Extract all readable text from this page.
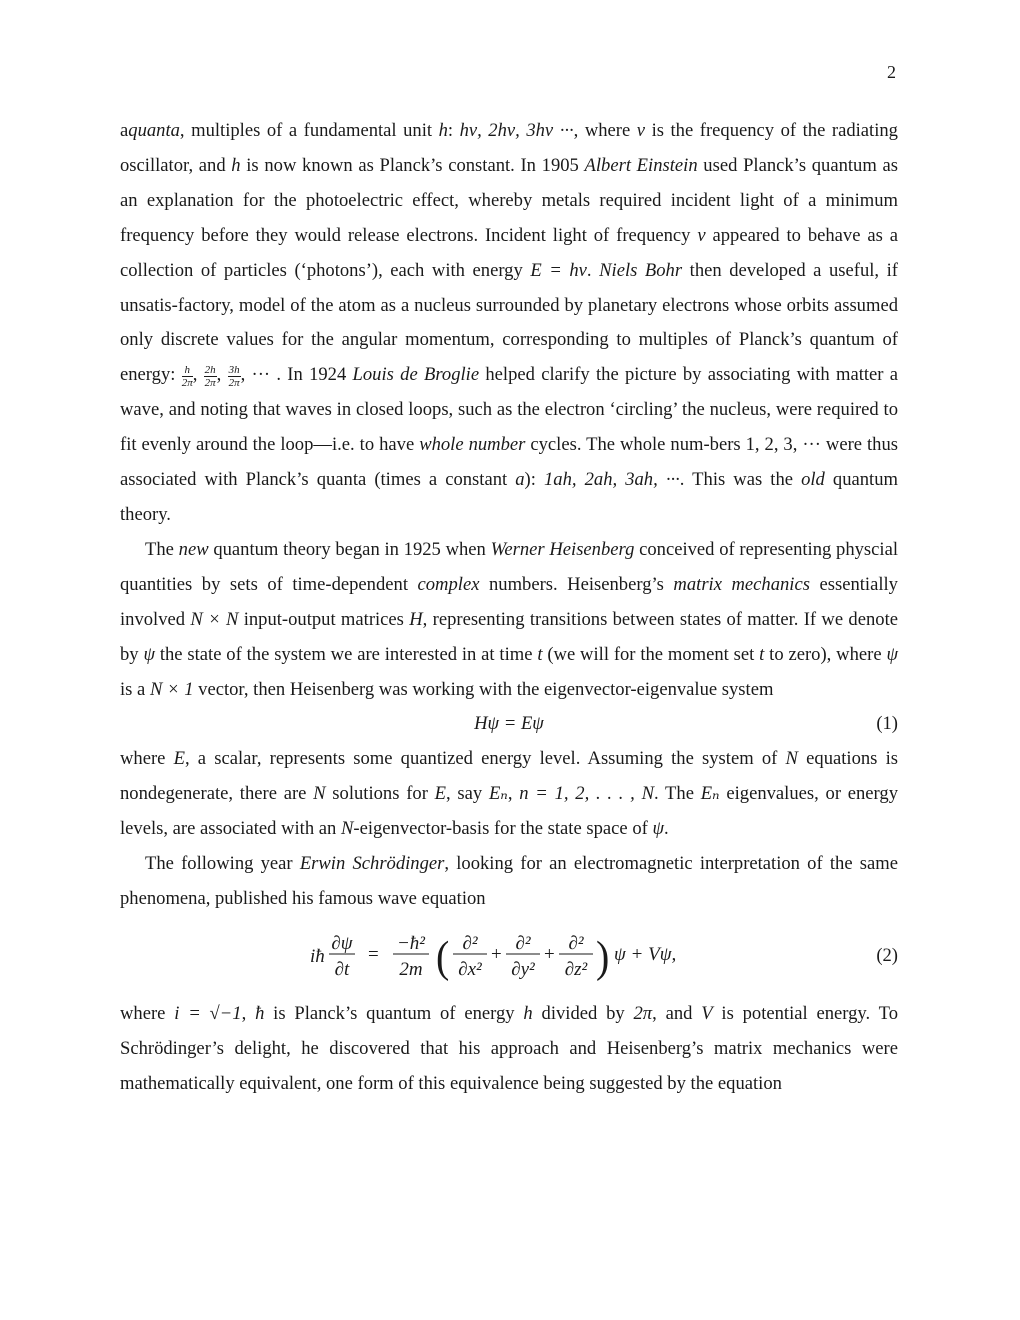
2

aquanta, multiples of a fundamental unit h: hν, 2hν, 3hν ···, where ν is the frequency of the radiating oscillator, and h is now known as Planck’s constant. In 1905 Albert Einstein used Planck’s quantum as an explanation for the photoelectric effect, whereby metals required incident light of a minimum frequency before they would release electrons. Incident light of frequency ν appeared to behave as a collection of particles (‘photons’), each with energy E = hν. Niels Bohr then developed a useful, if unsatis-factory, model of the atom as a nucleus surrounded by planetary electrons whose orbits assumed only discrete values for the angular momentum, corresponding to multiples of Planck’s quantum of energy: $\frac{h}{2\pi}$ , $\frac{2h}{2\pi}$ , $\frac{3h}{2\pi}$ , ··· . In 1924 Louis de Broglie helped clarify the picture by associating with matter a wave, and noting that waves in closed loops, such as the electron ‘circling’ the nucleus, were required to fit evenly around the loop—i.e. to have whole number cycles. The whole num-bers 1, 2, 3, ··· were thus associated with Planck’s quanta (times a constant a): 1ah, 2ah, 3ah, ···. This was the old quantum theory.

The new quantum theory began in 1925 when Werner Heisenberg conceived of representing physcial quantities by sets of time-dependent complex numbers. Heisenberg’s matrix mechanics essentially involved N × N input-output matrices H, representing transitions between states of matter. If we denote by ψ the state of the system we are interested in at time t (we will for the moment set t to zero), where ψ is a N × 1 vector, then Heisenberg was working with the eigenvector-eigenvalue system

Hψ = Eψ	(1)

where E, a scalar, represents some quantized energy level. Assuming the system of N equations is nondegenerate, there are N solutions for E, say Eₙ, n = 1, 2, . . . , N. The Eₙ eigenvalues, or energy levels, are associated with an N-eigenvector-basis for the state space of ψ.

The following year Erwin Schrödinger, looking for an electromagnetic interpretation of the same phenomena, published his famous wave equation

iħ
∂ψ
∂t
=
−ħ²
2m ( ∂²
∂x²
+
∂²
∂y²
+
∂²
∂z² ) ψ + Vψ,	(2)

where i = √−1, ħ is Planck’s quantum of energy h divided by 2π, and V is potential energy. To Schrödinger’s delight, he discovered that his approach and Heisenberg’s matrix mechanics were mathematically equivalent, one form of this equivalence being suggested by the equation
